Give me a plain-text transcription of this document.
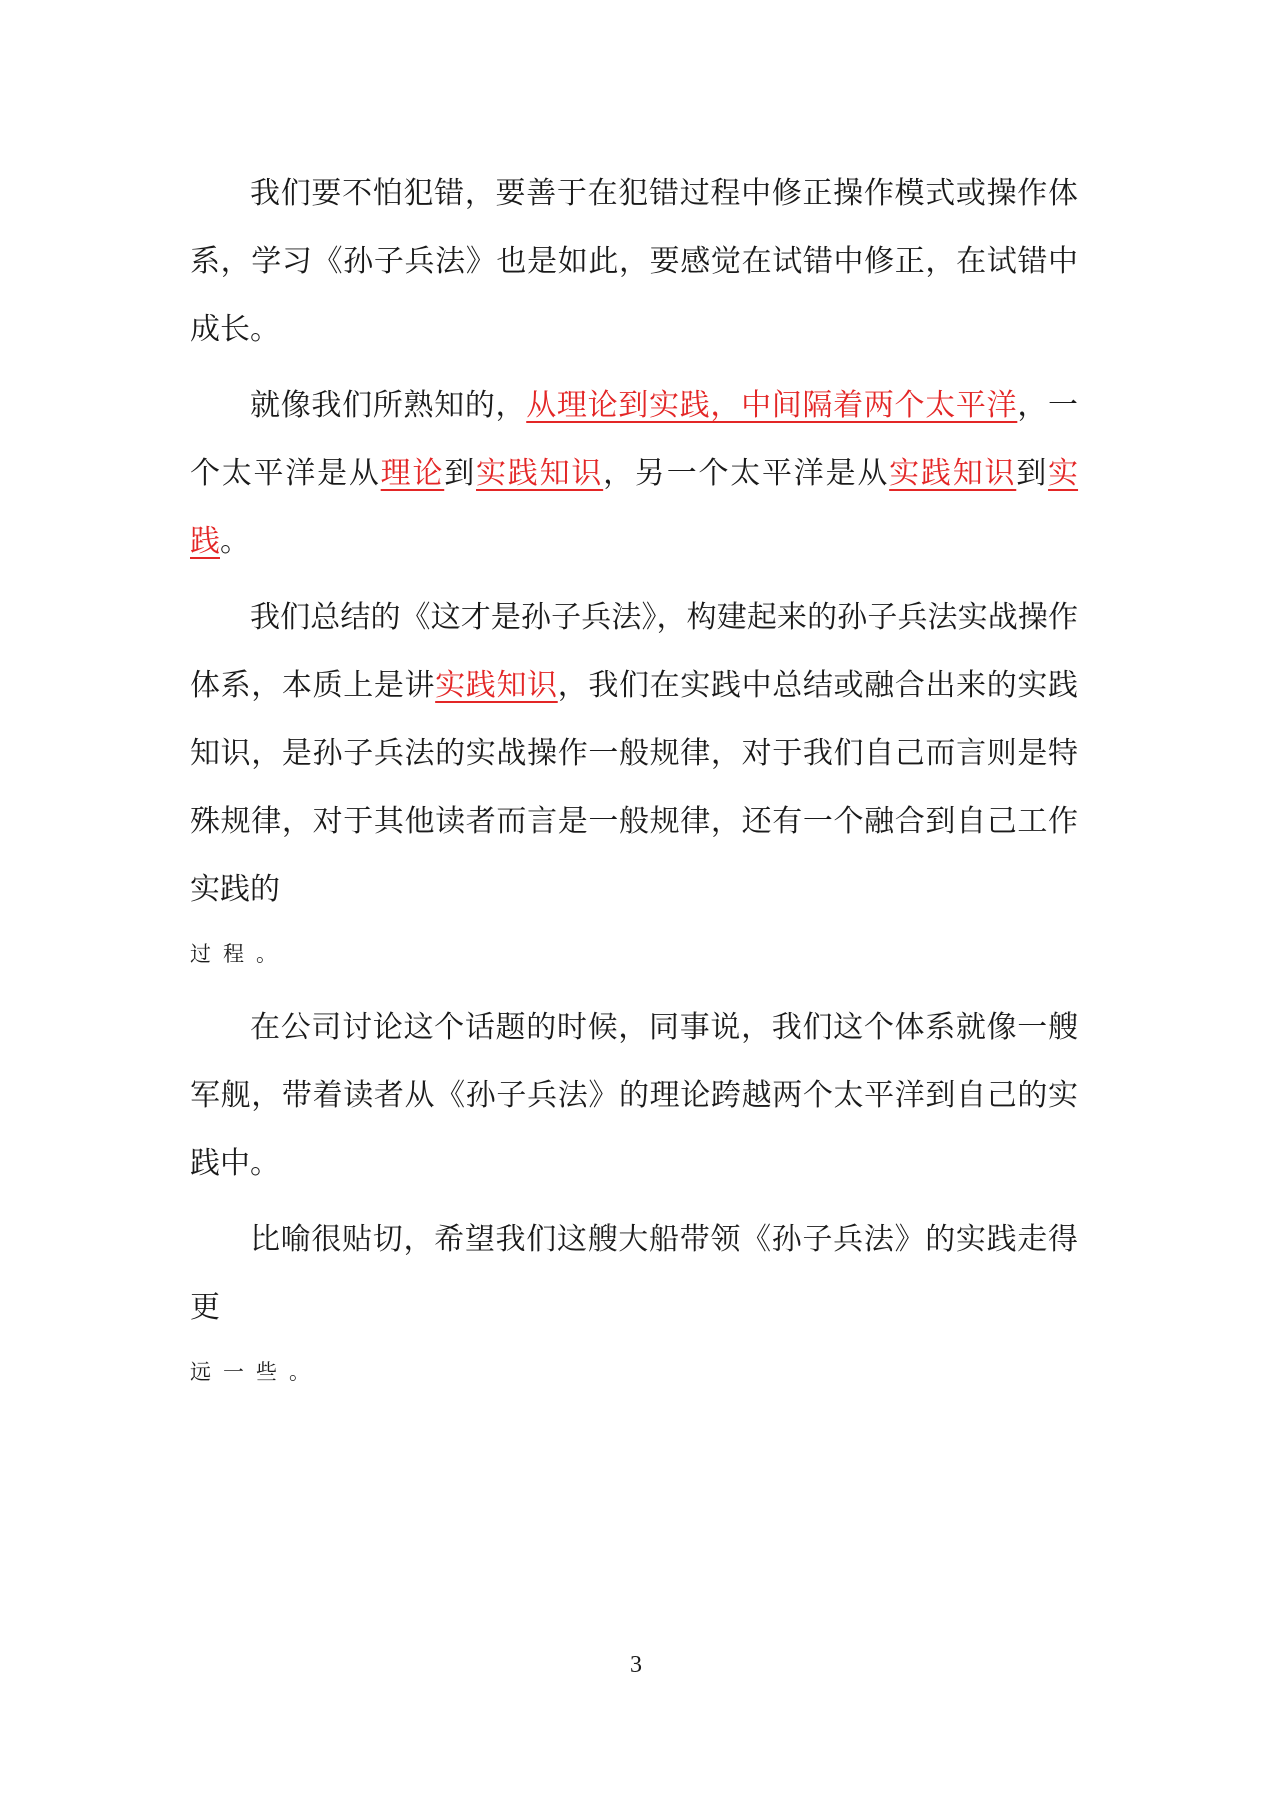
我们要不怕犯错，要善于在犯错过程中修正操作模式或操作体系，学习《孙子兵法》也是如此，要感觉在试错中修正，在试错中成长。

就像我们所熟知的，从理论到实践，中间隔着两个太平洋，一个太平洋是从理论到实践知识，另一个太平洋是从实践知识到实践。

我们总结的《这才是孙子兵法》，构建起来的孙子兵法实战操作体系，本质上是讲实践知识，我们在实践中总结或融合出来的实践知识，是孙子兵法的实战操作一般规律，对于我们自己而言则是特殊规律，对于其他读者而言是一般规律，还有一个融合到自己工作实践的
过程。

在公司讨论这个话题的时候，同事说，我们这个体系就像一艘军舰，带着读者从《孙子兵法》的理论跨越两个太平洋到自己的实践中。

比喻很贴切，希望我们这艘大船带领《孙子兵法》的实践走得更
远一些。

3
